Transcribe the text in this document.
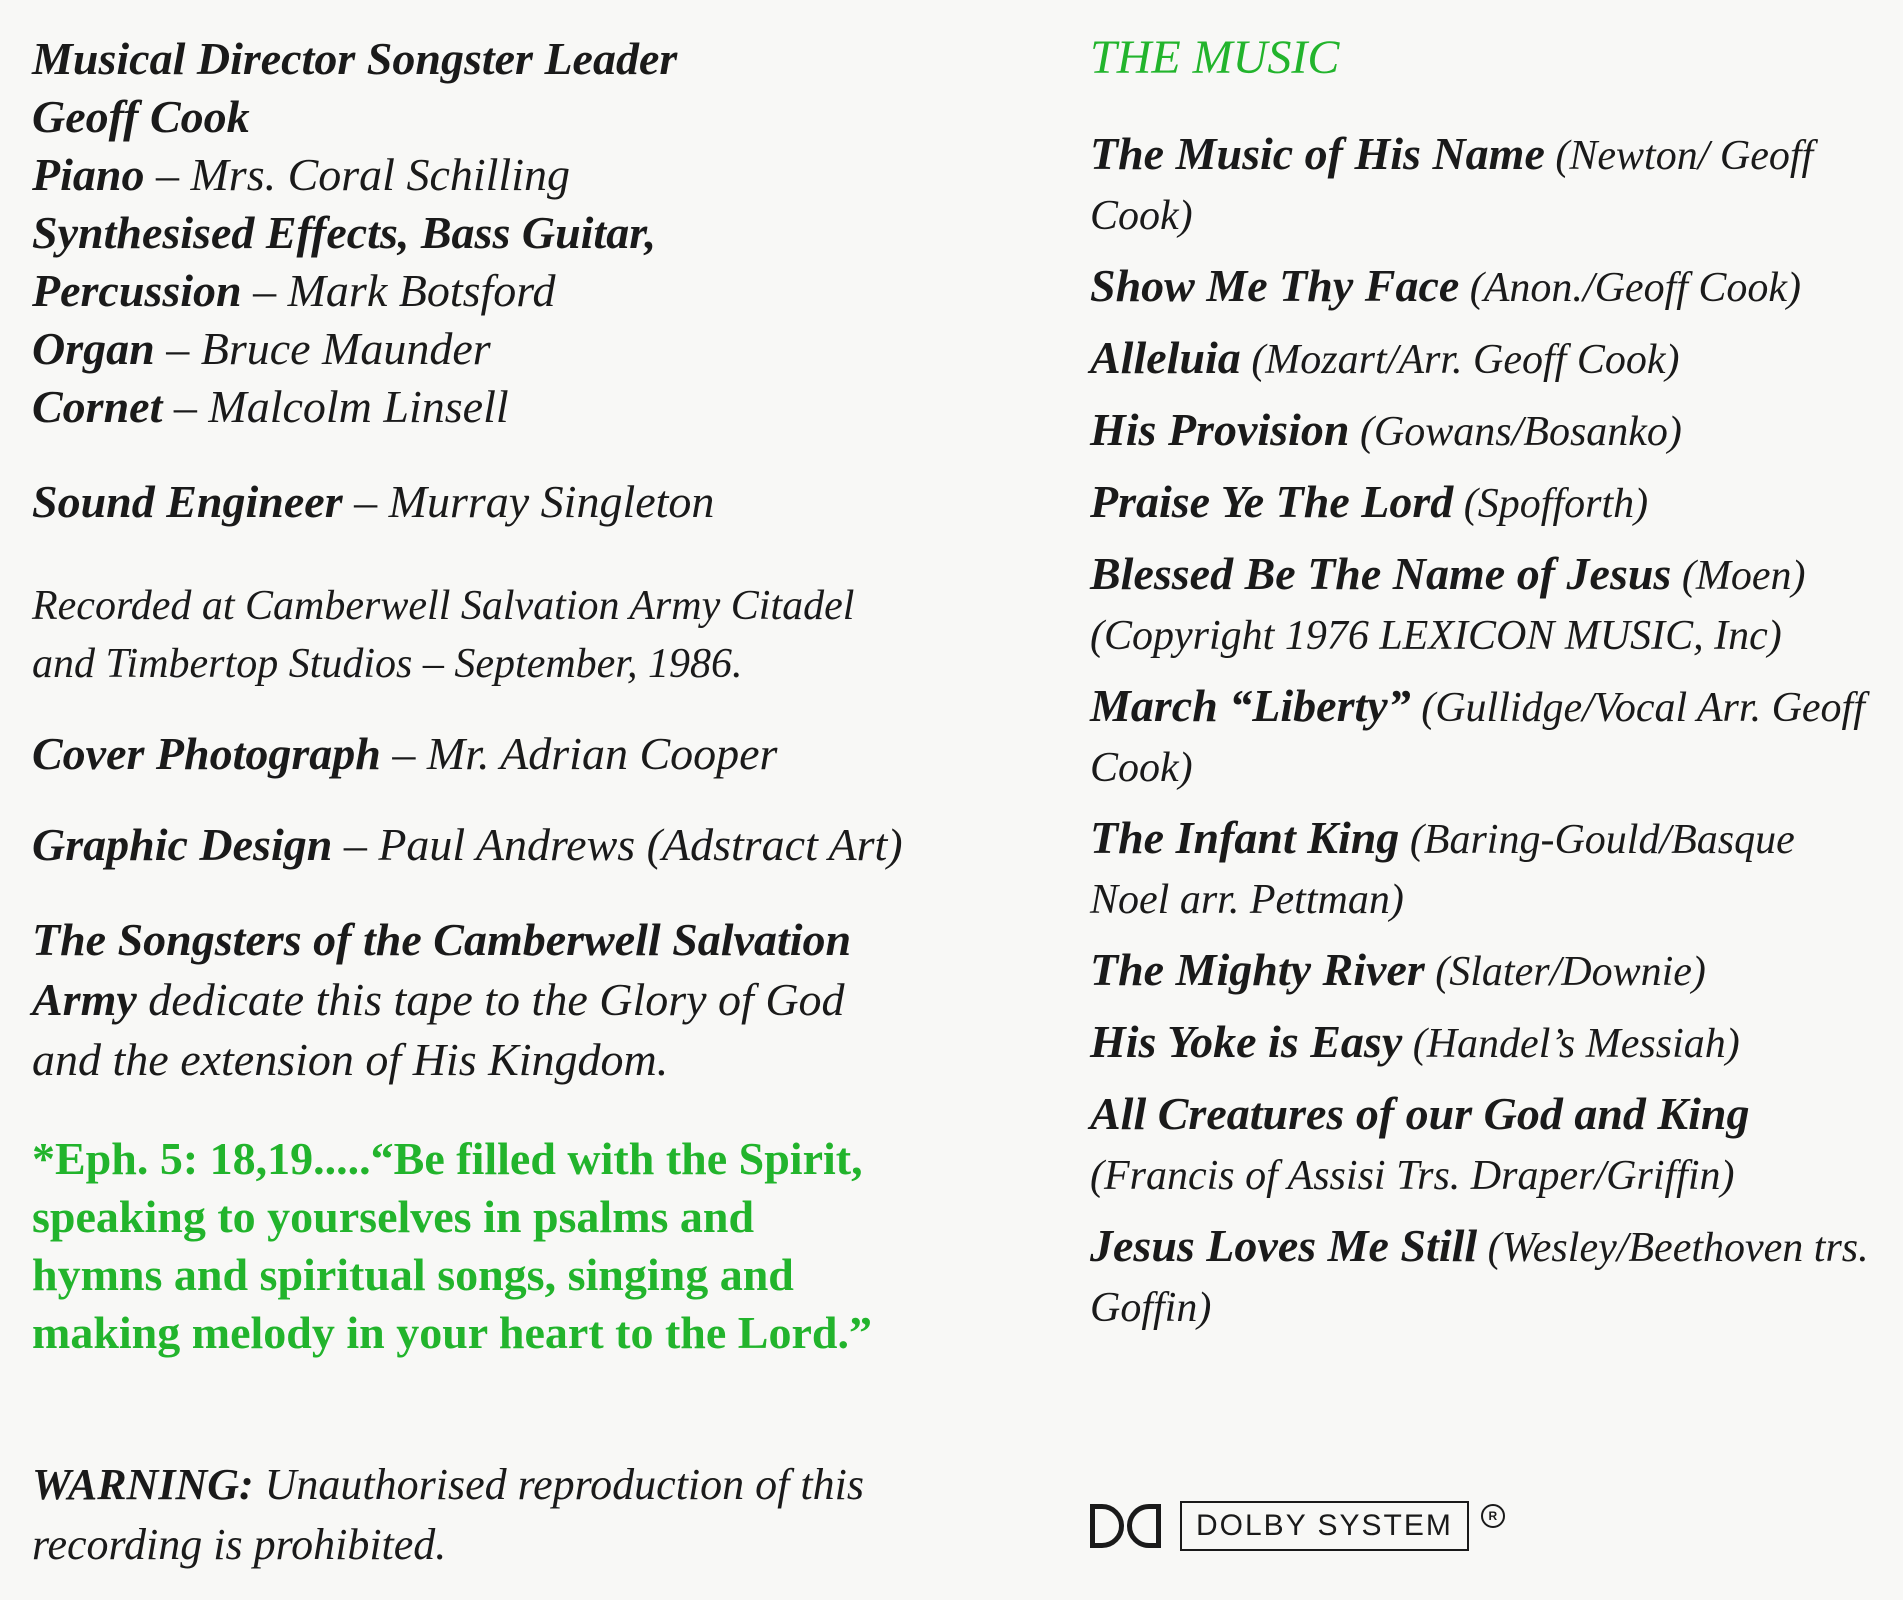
Musical Director Songster Leader
Geoff Cook
Piano – Mrs. Coral Schilling
Synthesised Effects, Bass Guitar,
Percussion – Mark Botsford
Organ – Bruce Maunder
Cornet – Malcolm Linsell
Sound Engineer – Murray Singleton
Recorded at Camberwell Salvation Army Citadel
and Timbertop Studios – September, 1986.
Cover Photograph – Mr. Adrian Cooper
Graphic Design – Paul Andrews (Adstract Art)
The Songsters of the Camberwell Salvation Army dedicate this tape to the Glory of God and the extension of His Kingdom.
*Eph. 5: 18,19.....“Be filled with the Spirit, speaking to yourselves in psalms and hymns and spiritual songs, singing and making melody in your heart to the Lord.”
WARNING: Unauthorised reproduction of this recording is prohibited.
THE MUSIC
The Music of His Name (Newton/ Geoff Cook)
Show Me Thy Face (Anon./Geoff Cook)
Alleluia (Mozart/Arr. Geoff Cook)
His Provision (Gowans/Bosanko)
Praise Ye The Lord (Spofforth)
Blessed Be The Name of Jesus (Moen) (Copyright 1976 LEXICON MUSIC, Inc)
March “Liberty” (Gullidge/Vocal Arr. Geoff Cook)
The Infant King (Baring-Gould/Basque Noel arr. Pettman)
The Mighty River (Slater/Downie)
His Yoke is Easy (Handel’s Messiah)
All Creatures of our God and King (Francis of Assisi Trs. Draper/Griffin)
Jesus Loves Me Still (Wesley/Beethoven trs. Goffin)
DOLBY SYSTEM	R
